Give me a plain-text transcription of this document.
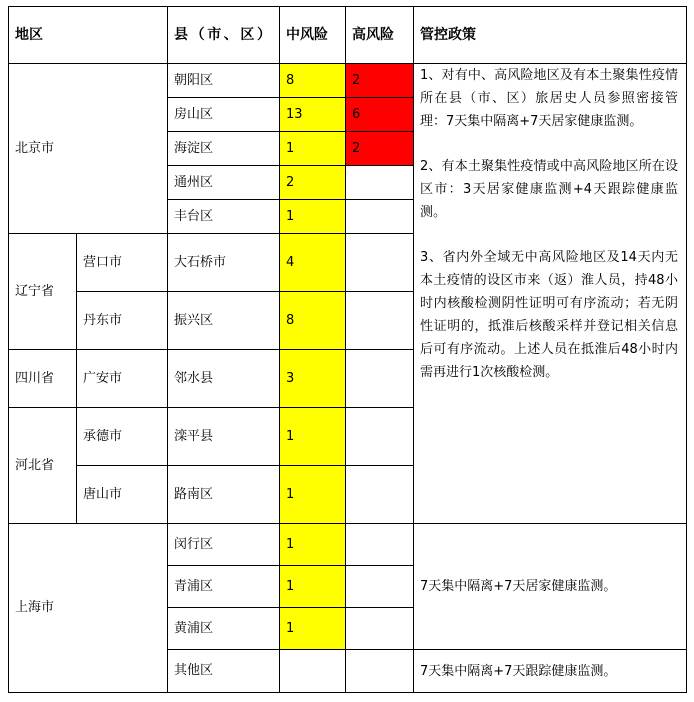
地区		县（市、区）	中风险	高风险	管控政策
北京市		朝阳区	8	2	1、对有中、高风险地区及有本土聚集性疫情所在县（市、区）旅居史人员参照密接管理：7天集中隔离+7天居家健康监测。

2、有本土聚集性疫情或中高风险地区所在设区市：3天居家健康监测+4天跟踪健康监测。

3、省内外全域无中高风险地区及14天内无本土疫情的设区市来（返）淮人员，持48小时内核酸检测阴性证明可有序流动；若无阴性证明的，抵淮后核酸采样并登记相关信息后可有序流动。上述人员在抵淮后48小时内需再进行1次核酸检测。

		房山区	13	6	
		海淀区	1	2	
		通州区	2		
		丰台区	1		
辽宁省	营口市	大石桥市	4		
	丹东市	振兴区	8		
四川省	广安市	邻水县	3		
河北省	承德市	滦平县	1		
	唐山市	路南区	1		
上海市		闵行区	1		7天集中隔离+7天居家健康监测。
		青浦区	1		
		黄浦区	1		
		其他区			7天集中隔离+7天跟踪健康监测。
